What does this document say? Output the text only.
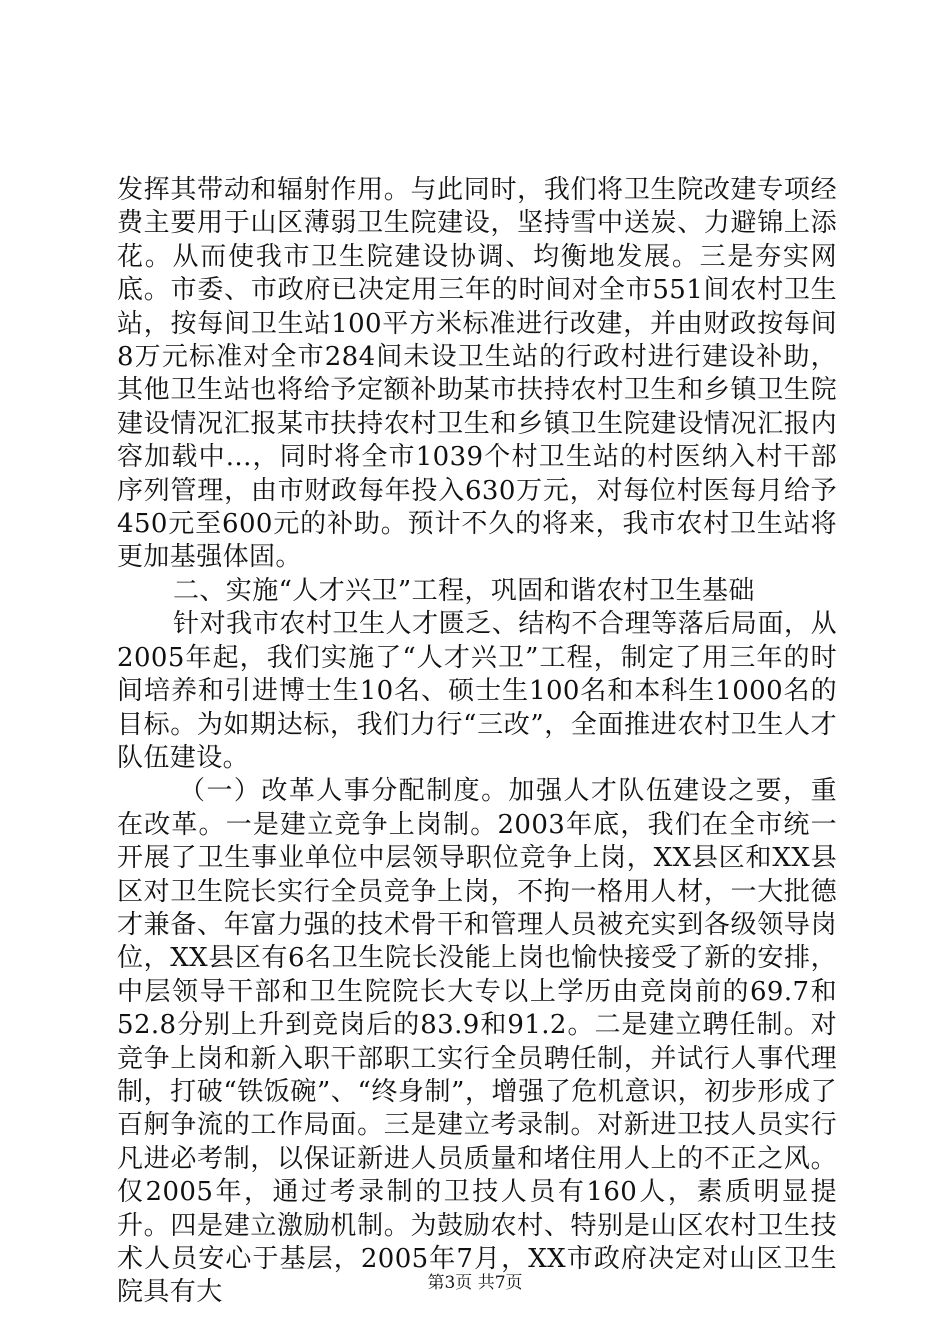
发挥其带动和辐射作用。与此同时，我们将卫生院改建专项经费主要用于山区薄弱卫生院建设，坚持雪中送炭、力避锦上添花。从而使我市卫生院建设协调、均衡地发展。三是夯实网底。市委、市政府已决定用三年的时间对全市551间农村卫生站，按每间卫生站100平方米标准进行改建，并由财政按每间8万元标准对全市284间未设卫生站的行政村进行建设补助，其他卫生站也将给予定额补助某市扶持农村卫生和乡镇卫生院建设情况汇报某市扶持农村卫生和乡镇卫生院建设情况汇报内容加载中...，同时将全市1039个村卫生站的村医纳入村干部序列管理，由市财政每年投入630万元，对每位村医每月给予450元至600元的补助。预计不久的将来，我市农村卫生站将更加基强体固。

二、实施“人才兴卫”工程，巩固和谐农村卫生基础

针对我市农村卫生人才匮乏、结构不合理等落后局面，从2005年起，我们实施了“人才兴卫”工程，制定了用三年的时间培养和引进博士生10名、硕士生100名和本科生1000名的目标。为如期达标，我们力行“三改”，全面推进农村卫生人才队伍建设。

（一）改革人事分配制度。加强人才队伍建设之要，重在改革。一是建立竞争上岗制。2003年底，我们在全市统一开展了卫生事业单位中层领导职位竞争上岗，XX县区和XX县区对卫生院长实行全员竞争上岗，不拘一格用人材，一大批德才兼备、年富力强的技术骨干和管理人员被充实到各级领导岗位，XX县区有6名卫生院长没能上岗也愉快接受了新的安排，中层领导干部和卫生院院长大专以上学历由竞岗前的69.7和52.8分别上升到竞岗后的83.9和91.2。二是建立聘任制。对竞争上岗和新入职干部职工实行全员聘任制，并试行人事代理制，打破“铁饭碗”、“终身制”，增强了危机意识，初步形成了百舸争流的工作局面。三是建立考录制。对新进卫技人员实行凡进必考制，以保证新进人员质量和堵住用人上的不正之风。仅2005年，通过考录制的卫技人员有160人，素质明显提升。四是建立激励机制。为鼓励农村、特别是山区农村卫生技术人员安心于基层，2005年7月，XX市政府决定对山区卫生院具有大	第3页 共7页
